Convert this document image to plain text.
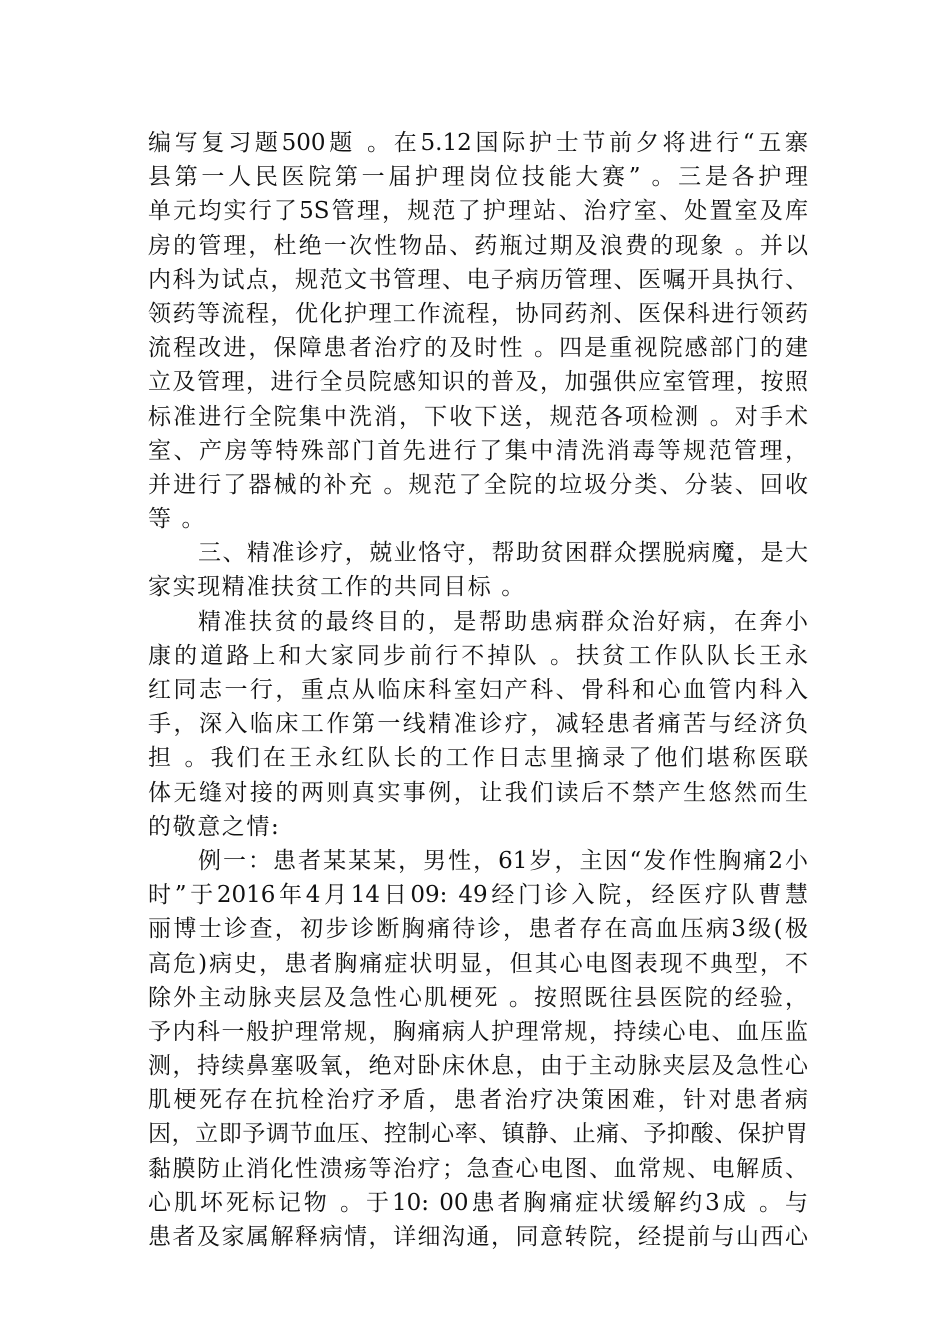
编写复习题500题 。在5.12国际护士节前夕将进行“五寨
县第一人民医院第一届护理岗位技能大赛” 。三是各护理
单元均实行了5S管理，规范了护理站、治疗室、处置室及库
房的管理，杜绝一次性物品、药瓶过期及浪费的现象 。并以
内科为试点，规范文书管理、电子病历管理、医嘱开具执行、
领药等流程，优化护理工作流程，协同药剂、医保科进行领药
流程改进，保障患者治疗的及时性 。四是重视院感部门的建
立及管理，进行全员院感知识的普及，加强供应室管理，按照
标准进行全院集中洗消，下收下送，规范各项检测 。对手术
室、产房等特殊部门首先进行了集中清洗消毒等规范管理，
并进行了器械的补充 。规范了全院的垃圾分类、分装、回收
等 。
三、精准诊疗，兢业恪守，帮助贫困群众摆脱病魔，是大
家实现精准扶贫工作的共同目标 。
精准扶贫的最终目的，是帮助患病群众治好病，在奔小
康的道路上和大家同步前行不掉队 。扶贫工作队队长王永
红同志一行，重点从临床科室妇产科、骨科和心血管内科入
手，深入临床工作第一线精准诊疗，减轻患者痛苦与经济负
担 。我们在王永红队长的工作日志里摘录了他们堪称医联
体无缝对接的两则真实事例，让我们读后不禁产生悠然而生
的敬意之情:
例一：患者某某某，男性，61岁，主因“发作性胸痛2小
时”于2016年4月14日09: 49经门诊入院，经医疗队曹慧
丽博士诊查，初步诊断胸痛待诊，患者存在高血压病3级(极
高危)病史，患者胸痛症状明显，但其心电图表现不典型，不
除外主动脉夹层及急性心肌梗死 。按照既往县医院的经验，
予内科一般护理常规，胸痛病人护理常规，持续心电、血压监
测，持续鼻塞吸氧，绝对卧床休息，由于主动脉夹层及急性心
肌梗死存在抗栓治疗矛盾，患者治疗决策困难，针对患者病
因，立即予调节血压、控制心率、镇静、止痛、予抑酸、保护胃
黏膜防止消化性溃疡等治疗；急查心电图、血常规、电解质、
心肌坏死标记物 。于10: 00患者胸痛症状缓解约3成 。与
患者及家属解释病情，详细沟通，同意转院，经提前与山西心
